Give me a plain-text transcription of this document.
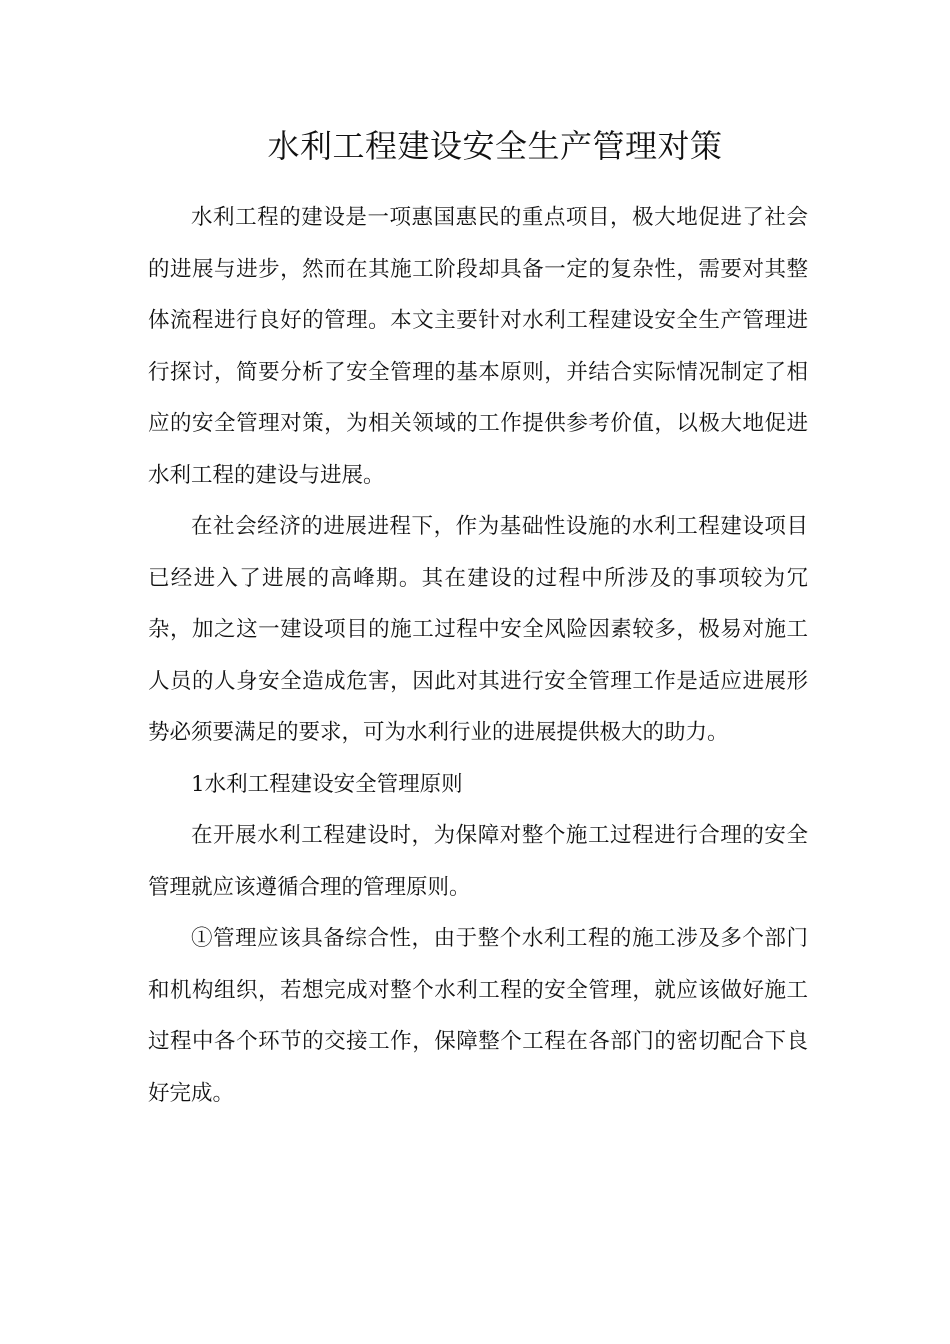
水利工程建设安全生产管理对策

水利工程的建设是一项惠国惠民的重点项目，极大地促进了社会的进展与进步，然而在其施工阶段却具备一定的复杂性，需要对其整体流程进行良好的管理。本文主要针对水利工程建设安全生产管理进行探讨，简要分析了安全管理的基本原则，并结合实际情况制定了相应的安全管理对策，为相关领域的工作提供参考价值，以极大地促进水利工程的建设与进展。

在社会经济的进展进程下，作为基础性设施的水利工程建设项目已经进入了进展的高峰期。其在建设的过程中所涉及的事项较为冗杂，加之这一建设项目的施工过程中安全风险因素较多，极易对施工人员的人身安全造成危害，因此对其进行安全管理工作是适应进展形势必须要满足的要求，可为水利行业的进展提供极大的助力。

1水利工程建设安全管理原则

在开展水利工程建设时，为保障对整个施工过程进行合理的安全管理就应该遵循合理的管理原则。

①管理应该具备综合性，由于整个水利工程的施工涉及多个部门和机构组织，若想完成对整个水利工程的安全管理，就应该做好施工过程中各个环节的交接工作，保障整个工程在各部门的密切配合下良好完成。
